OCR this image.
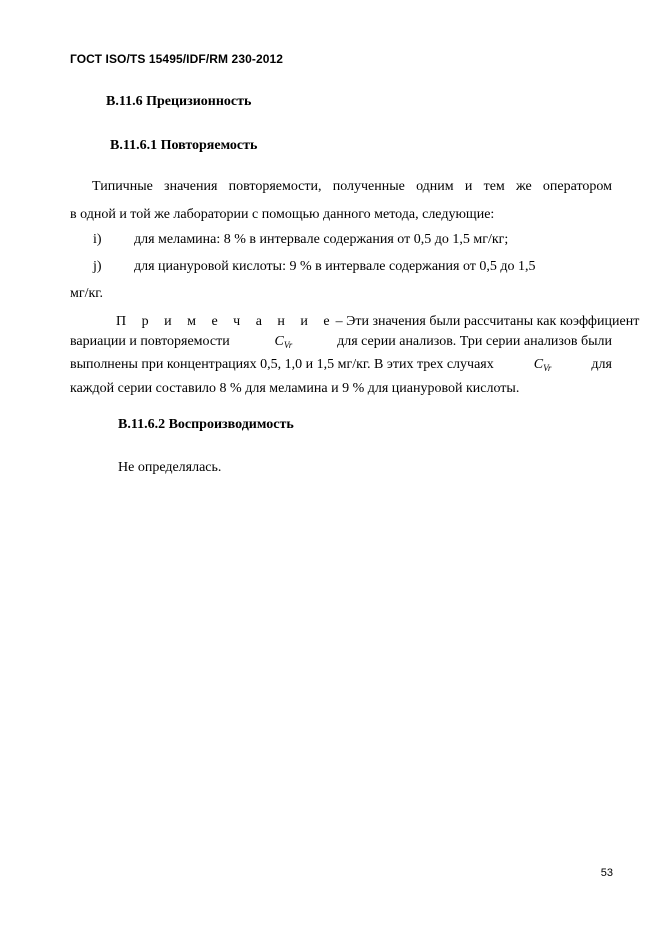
ГОСТ ISO/TS 15495/IDF/RM 230-2012
B.11.6 Прецизионность
B.11.6.1 Повторяемость
Типичные значения повторяемости, полученные одним и тем же оператором
в одной и той же лаборатории с помощью данного метода, следующие:
i) для меламина: 8 % в интервале содержания от 0,5 до 1,5 мг/кг;
j) для циануровой кислоты: 9 % в интервале содержания от 0,5 до 1,5
мг/кг.
П р и м е ч а н и е – Эти значения были рассчитаны как коэффициент
вариации и повторяемости	$C_{Vr}$	для серии анализов. Три серии анализов были
выполнены при концентрациях 0,5, 1,0 и 1,5 мг/кг. В этих трех случаях	$C_{Vr}$	для
каждой серии составило 8 % для меламина и 9 % для циануровой кислоты.
B.11.6.2 Воспроизводимость
Не определялась.
53
